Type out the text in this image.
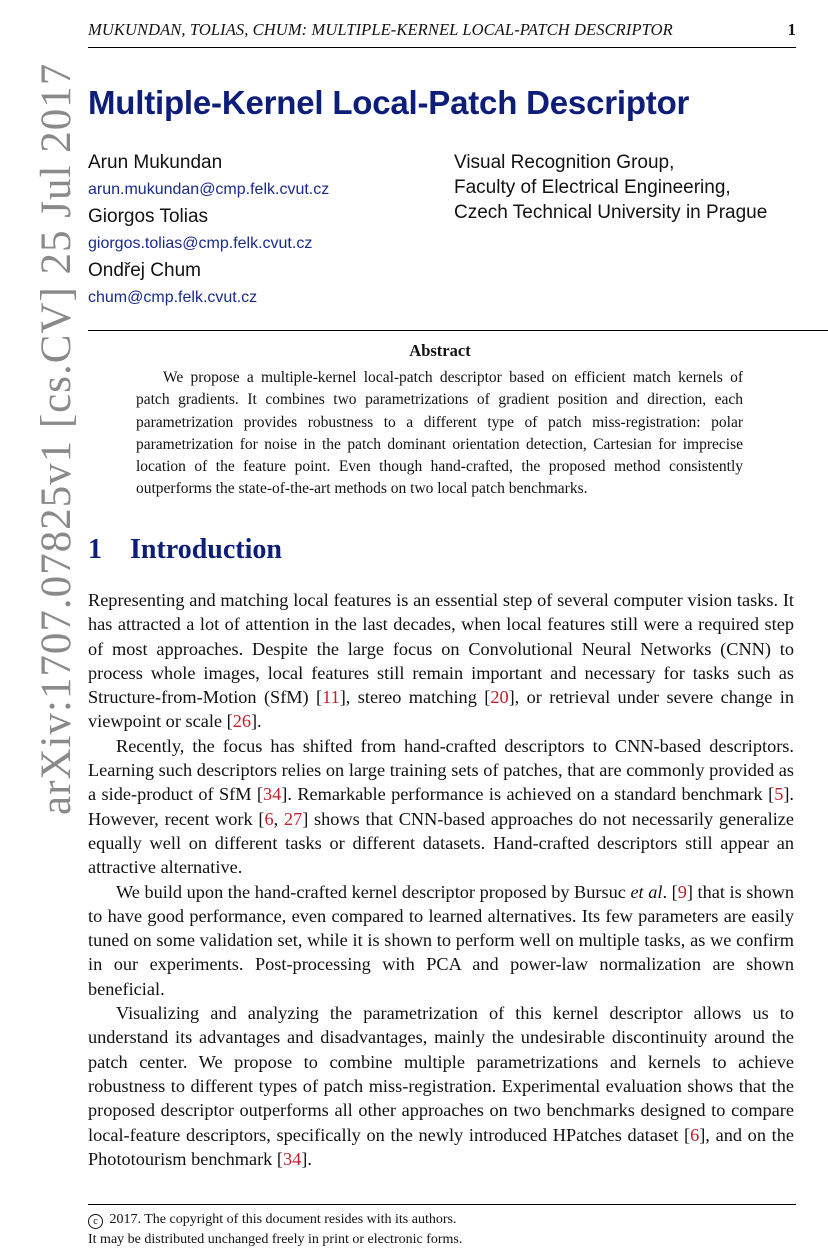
MUKUNDAN, TOLIAS, CHUM: MULTIPLE-KERNEL LOCAL-PATCH DESCRIPTOR	1
arXiv:1707.07825v1 [cs.CV] 25 Jul 2017 Multiple-Kernel Local-Patch Descriptor
Arun Mukundan
arun.mukundan@cmp.felk.cvut.cz
Giorgos Tolias
giorgos.tolias@cmp.felk.cvut.cz
Ondřej Chum
chum@cmp.felk.cvut.cz
Visual Recognition Group,
Faculty of Electrical Engineering,
Czech Technical University in Prague
Abstract

We propose a multiple-kernel local-patch descriptor based on efficient match kernels of patch gradients. It combines two parametrizations of gradient position and direction, each parametrization provides robustness to a different type of patch miss-registration: polar parametrization for noise in the patch dominant orientation detection, Cartesian for imprecise location of the feature point. Even though hand-crafted, the proposed method consistently outperforms the state-of-the-art methods on two local patch benchmarks.

1 Introduction

Representing and matching local features is an essential step of several computer vision tasks. It has attracted a lot of attention in the last decades, when local features still were a required step of most approaches. Despite the large focus on Convolutional Neural Networks (CNN) to process whole images, local features still remain important and necessary for tasks such as Structure-from-Motion (SfM) [11], stereo matching [20], or retrieval under severe change in viewpoint or scale [26].

Recently, the focus has shifted from hand-crafted descriptors to CNN-based descriptors. Learning such descriptors relies on large training sets of patches, that are commonly provided as a side-product of SfM [34]. Remarkable performance is achieved on a standard benchmark [5]. However, recent work [6, 27] shows that CNN-based approaches do not necessarily generalize equally well on different tasks or different datasets. Hand-crafted descriptors still appear an attractive alternative.

We build upon the hand-crafted kernel descriptor proposed by Bursuc et al. [9] that is shown to have good performance, even compared to learned alternatives. Its few parameters are easily tuned on some validation set, while it is shown to perform well on multiple tasks, as we confirm in our experiments. Post-processing with PCA and power-law normalization are shown beneficial.

Visualizing and analyzing the parametrization of this kernel descriptor allows us to understand its advantages and disadvantages, mainly the undesirable discontinuity around the patch center. We propose to combine multiple parametrizations and kernels to achieve robustness to different types of patch miss-registration. Experimental evaluation shows that the proposed descriptor outperforms all other approaches on two benchmarks designed to compare local-feature descriptors, specifically on the newly introduced HPatches dataset [6], and on the Phototourism benchmark [34].

c 2017. The copyright of this document resides with its authors.
It may be distributed unchanged freely in print or electronic forms.
